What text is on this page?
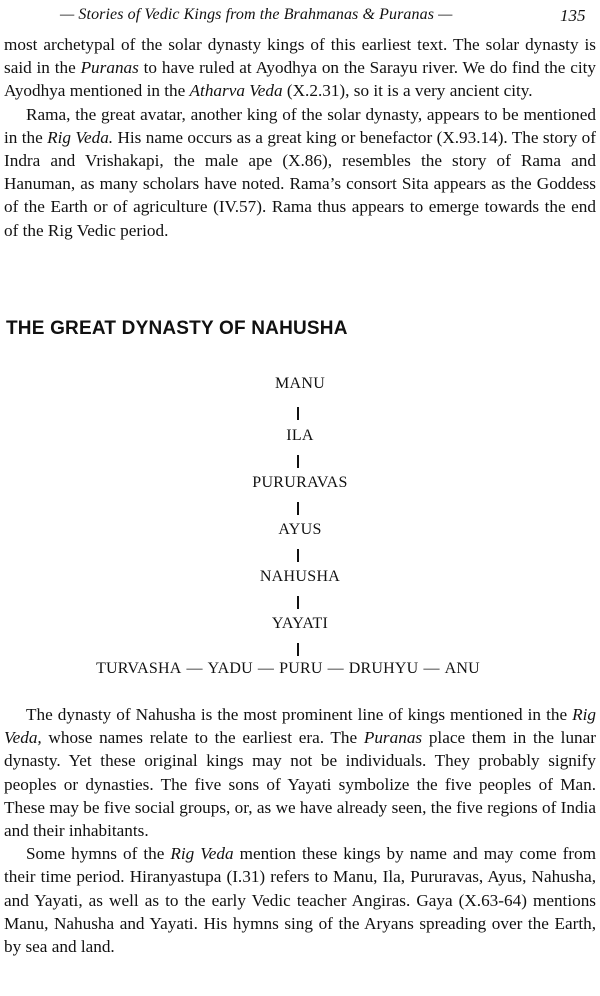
— Stories of Vedic Kings from the Brahmanas & Puranas —	135

most archetypal of the solar dynasty kings of this earliest text. The solar dynasty is said in the Puranas to have ruled at Ayodhya on the Sarayu river. We do find the city Ayodhya mentioned in the Atharva Veda (X.2.31), so it is a very ancient city.

Rama, the great avatar, another king of the solar dynasty, appears to be mentioned in the Rig Veda. His name occurs as a great king or benefactor (X.93.14). The story of Indra and Vrishakapi, the male ape (X.86), resembles the story of Rama and Hanuman, as many scholars have noted. Rama’s consort Sita appears as the Goddess of the Earth or of agriculture (IV.57). Rama thus appears to emerge towards the end of the Rig Vedic period.

THE GREAT DYNASTY OF NAHUSHA
MANU
ILA
PURURAVAS
AYUS
NAHUSHA
YAYATI
TURVASHA — YADU — PURU — DRUHYU — ANU

The dynasty of Nahusha is the most prominent line of kings mentioned in the Rig Veda, whose names relate to the earliest era. The Puranas place them in the lunar dynasty. Yet these original kings may not be individuals. They probably signify peoples or dynasties. The five sons of Yayati symbolize the five peoples of Man. These may be five social groups, or, as we have already seen, the five regions of India and their inhabitants.

Some hymns of the Rig Veda mention these kings by name and may come from their time period. Hiranyastupa (I.31) refers to Manu, Ila, Pururavas, Ayus, Nahusha, and Yayati, as well as to the early Vedic teacher Angiras. Gaya (X.63-64) mentions Manu, Nahusha and Yayati. His hymns sing of the Aryans spreading over the Earth, by sea and land.
